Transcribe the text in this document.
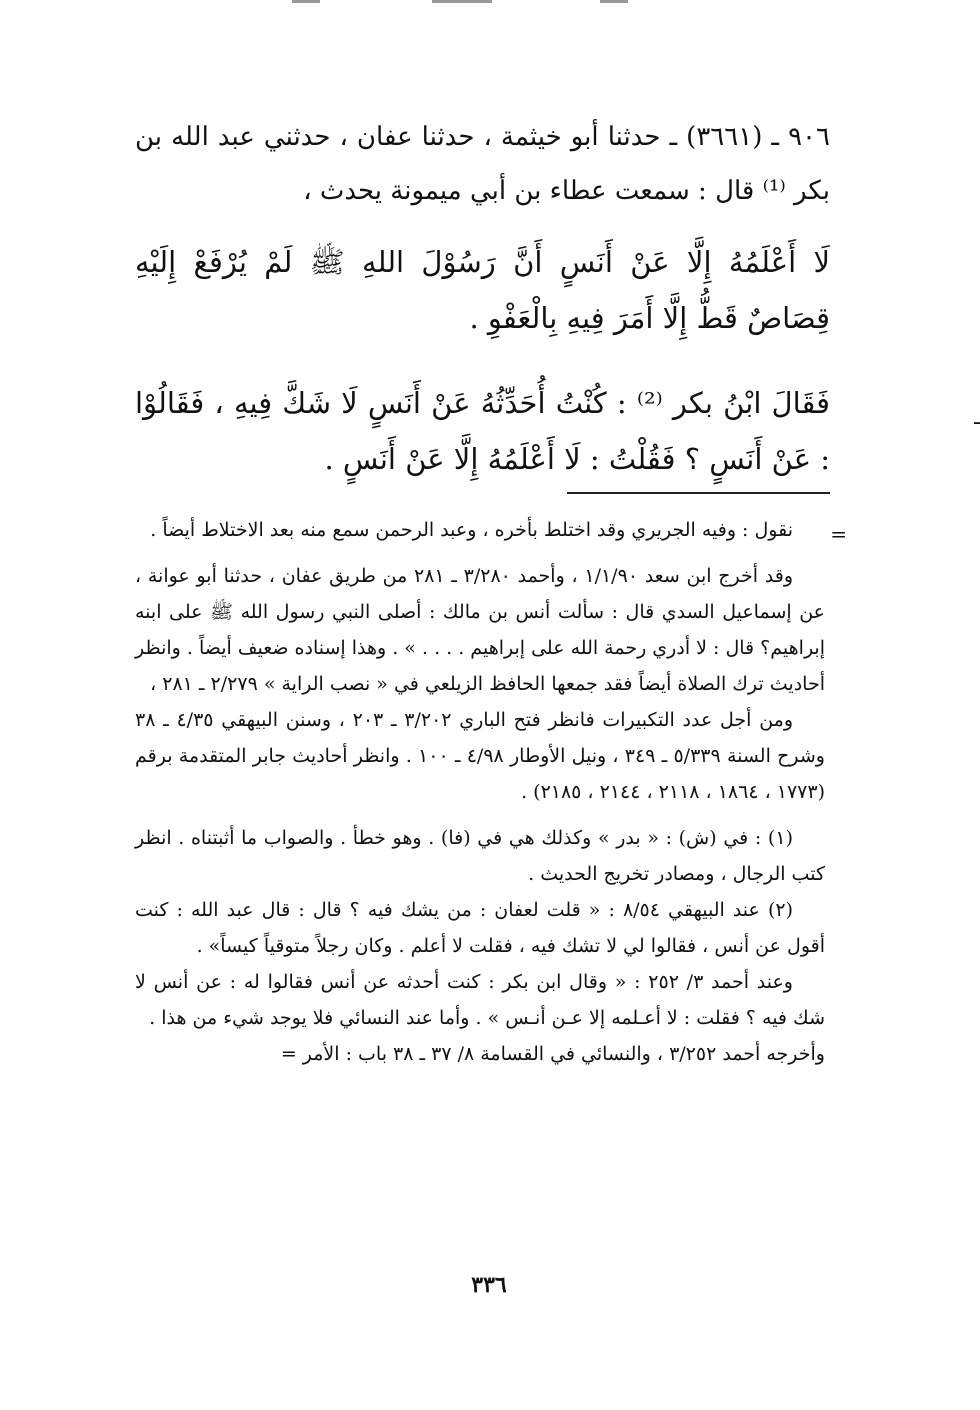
٩٠٦ ـ (٣٦٦١) ـ حدثنا أبو خيثمة ، حدثنا عفان ، حدثني عبد الله بن بكر ⁽¹⁾ قال : سمعت عطاء بن أبي ميمونة يحدث ،

لَا أَعْلَمُهُ إِلَّا عَنْ أَنَسٍ أَنَّ رَسُوْلَ اللهِ ﷺ لَمْ يُرْفَعْ إِلَيْهِ قِصَاصٌ قَطُّ إِلَّا أَمَرَ فِيهِ بِالْعَفْوِ .

فَقَالَ ابْنُ بكر ⁽²⁾ : كُنْتُ أُحَدِّثُهُ عَنْ أَنَسٍ لَا شَكَّ فِيهِ ، فَقَالُوْا : عَنْ أَنَسٍ ؟ فَقُلْتُ : لَا أَعْلَمُهُ إِلَّا عَنْ أَنَسٍ .
ـ

=

نقول : وفيه الجريري وقد اختلط بأخره ، وعبد الرحمن سمع منه بعد الاختلاط أيضاً .

وقد أخرج ابن سعد ١/١/٩٠ ، وأحمد ٣/٢٨٠ ـ ٢٨١ من طريق عفان ، حدثنا أبو عوانة ، عن إسماعيل السدي قال : سألت أنس بن مالك : أصلى النبي رسول الله ﷺ على ابنه إبراهيم؟ قال : لا أدري رحمة الله على إبراهيم . . . . » . وهذا إسناده ضعيف أيضاً . وانظر أحاديث ترك الصلاة أيضاً فقد جمعها الحافظ الزيلعي في « نصب الراية » ٢/٢٧٩ ـ ٢٨١ ،

ومن أجل عدد التكبيرات فانظر فتح الباري ٣/٢٠٢ ـ ٢٠٣ ، وسنن البيهقي ٤/٣٥ ـ ٣٨ وشرح السنة ٥/٣٣٩ ـ ٣٤٩ ، ونيل الأوطار ٤/٩٨ ـ ١٠٠ . وانظر أحاديث جابر المتقدمة برقم (١٧٧٣ ، ١٨٦٤ ، ٢١١٨ ، ٢١٤٤ ، ٢١٨٥) .

(١) : في (ش) : « بدر » وكذلك هي في (فا) . وهو خطأ . والصواب ما أثبتناه . انظر كتب الرجال ، ومصادر تخريج الحديث .

(٢) عند البيهقي ٨/٥٤ : « قلت لعفان : من يشك فيه ؟ قال : قال عبد الله : كنت أقول عن أنس ، فقالوا لي لا تشك فيه ، فقلت لا أعلم . وكان رجلاً متوقياً كيساً» .

وعند أحمد ٣/ ٢٥٢ : « وقال ابن بكر : كنت أحدثه عن أنس فقالوا له : عن أنس لا شك فيه ؟ فقلت : لا أعـلمه إلا عـن أنـس » . وأما عند النسائي فلا يوجد شيء من هذا .

وأخرجه أحمد ٣/٢٥٢ ، والنسائي في القسامة ٨/ ٣٧ ـ ٣٨ باب : الأمر =

٣٣٦
